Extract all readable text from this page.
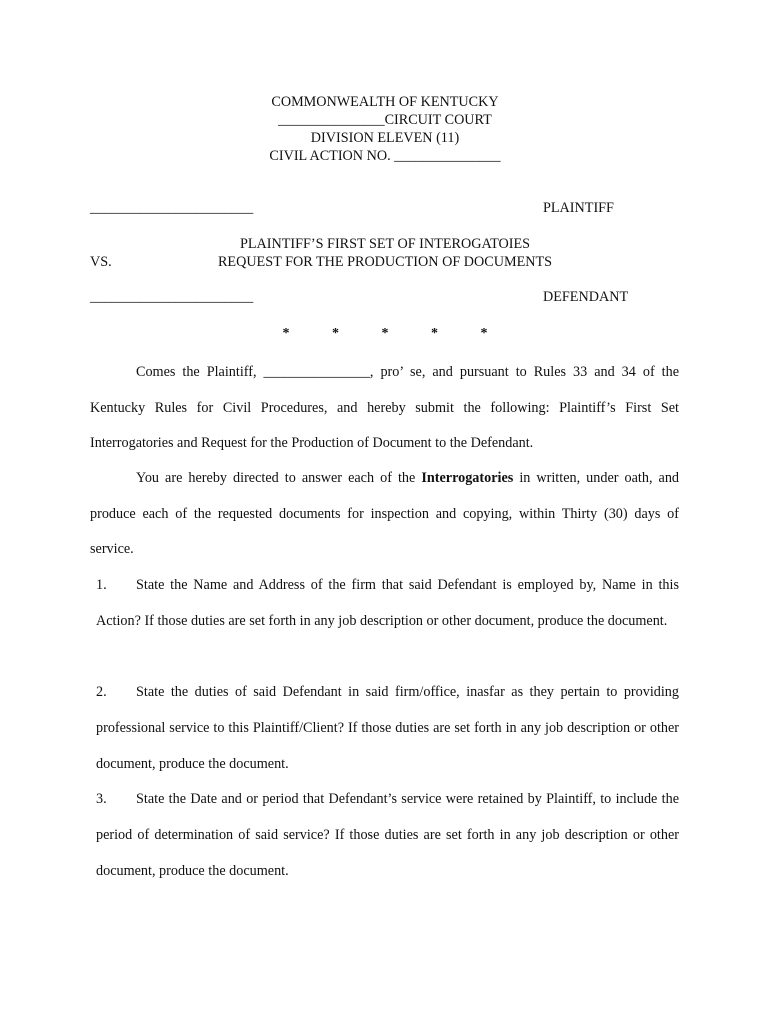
COMMONWEALTH OF KENTUCKY
_______________CIRCUIT COURT
DIVISION ELEVEN (11)
CIVIL ACTION NO. _______________
_______________________	PLAINTIFF
PLAINTIFF’S FIRST SET OF INTEROGATOIES
VS.	REQUEST FOR THE PRODUCTION OF DOCUMENTS
_______________________	DEFENDANT
*	*	*	*	*
Comes the Plaintiff, _______________, pro’ se, and pursuant to Rules 33 and 34 of the Kentucky Rules for Civil Procedures, and hereby submit the following: Plaintiff’s First Set Interrogatories and Request for the Production of Document to the Defendant.
You are hereby directed to answer each of the Interrogatories in written, under oath, and produce each of the requested documents for inspection and copying, within Thirty (30) days of service.
1. State the Name and Address of the firm that said Defendant is employed by, Name in this Action? If those duties are set forth in any job description or other document, produce the document.
2. State the duties of said Defendant in said firm/office, inasfar as they pertain to providing professional service to this Plaintiff/Client? If those duties are set forth in any job description or other document, produce the document.
3. State the Date and or period that Defendant’s service were retained by Plaintiff, to include the period of determination of said service? If those duties are set forth in any job description or other document, produce the document.
